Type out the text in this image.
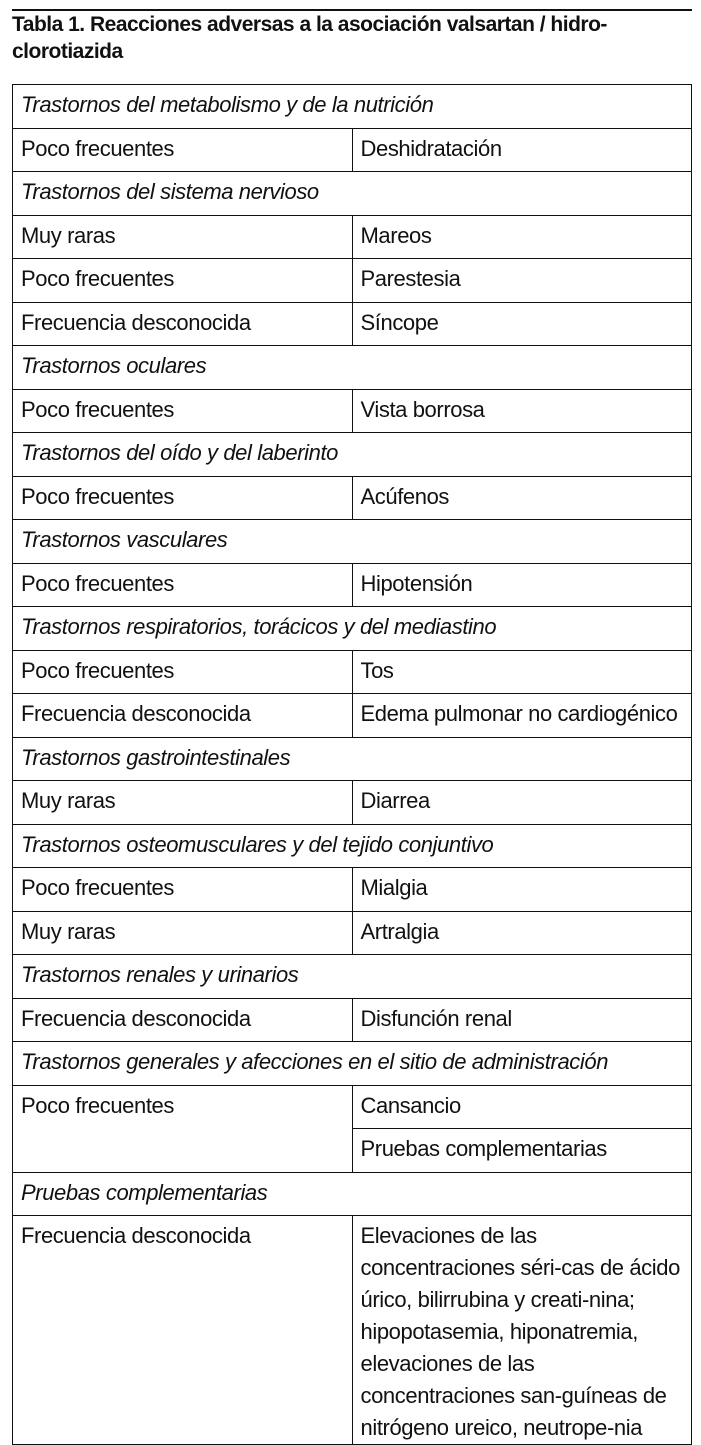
Tabla 1. Reacciones adversas a la asociación valsartan / hidro-clorotiazida
Trastornos del metabolismo y de la nutrición	
Poco frecuentes	Deshidratación
Trastornos del sistema nervioso	
Muy raras	Mareos
Poco frecuentes	Parestesia
Frecuencia desconocida	Síncope
Trastornos oculares	
Poco frecuentes	Vista borrosa
Trastornos del oído y del laberinto	
Poco frecuentes	Acúfenos
Trastornos vasculares	
Poco frecuentes	Hipotensión
Trastornos respiratorios, torácicos y del mediastino	
Poco frecuentes	Tos
Frecuencia desconocida	Edema pulmonar no cardiogénico
Trastornos gastrointestinales	
Muy raras	Diarrea
Trastornos osteomusculares y del tejido conjuntivo	
Poco frecuentes	Mialgia
Muy raras	Artralgia
Trastornos renales y urinarios	
Frecuencia desconocida	Disfunción renal
Trastornos generales y afecciones en el sitio de administración	
Poco frecuentes	Cansancio
	Pruebas complementarias
Pruebas complementarias	
Frecuencia desconocida	Elevaciones de las concentraciones séri-cas de ácido úrico, bilirrubina y creati-nina; hipopotasemia, hiponatremia, elevaciones de las concentraciones san-guíneas de nitrógeno ureico, neutrope-nia
